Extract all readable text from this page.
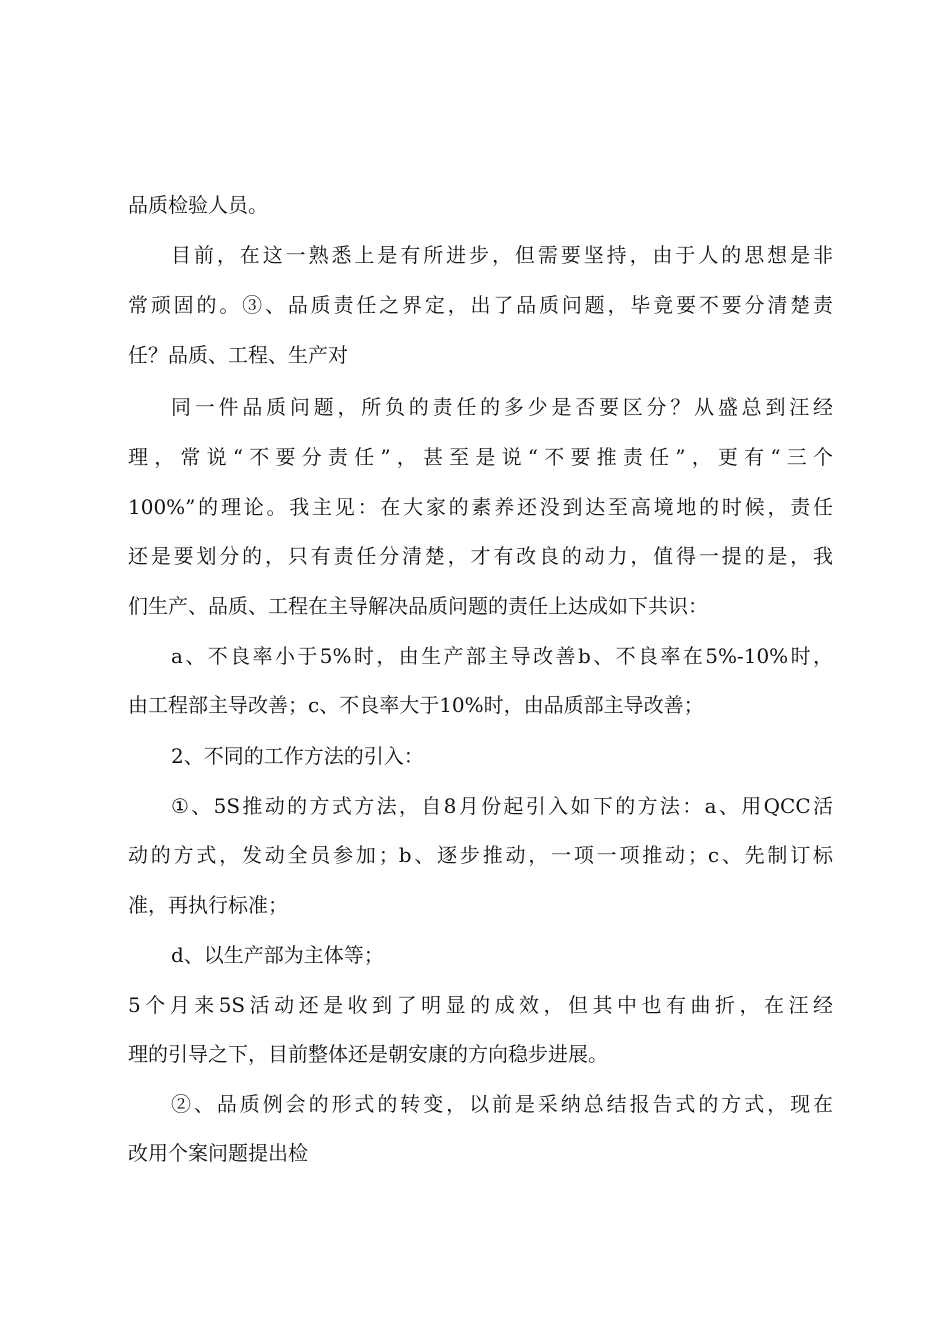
品质检验人员。
目前，在这一熟悉上是有所进步，但需要坚持，由于人的思想是非
常顽固的。③、品质责任之界定，出了品质问题，毕竟要不要分清楚责
任？品质、工程、生产对
同一件品质问题，所负的责任的多少是否要区分？从盛总到汪经
理，常说“不要分责任”，甚至是说“不要推责任”，更有“三个
100%”的理论。我主见：在大家的素养还没到达至高境地的时候，责任
还是要划分的，只有责任分清楚，才有改良的动力，值得一提的是，我
们生产、品质、工程在主导解决品质问题的责任上达成如下共识：
a、不良率小于5%时，由生产部主导改善b、不良率在5%-10%时，
由工程部主导改善；c、不良率大于10%时，由品质部主导改善；
2、不同的工作方法的引入：
①、5S推动的方式方法，自8月份起引入如下的方法：a、用QCC活
动的方式，发动全员参加；b、逐步推动，一项一项推动；c、先制订标
准，再执行标准；
d、以生产部为主体等；
5个月来5S活动还是收到了明显的成效，但其中也有曲折，在汪经
理的引导之下，目前整体还是朝安康的方向稳步进展。
②、品质例会的形式的转变，以前是采纳总结报告式的方式，现在
改用个案问题提出检
